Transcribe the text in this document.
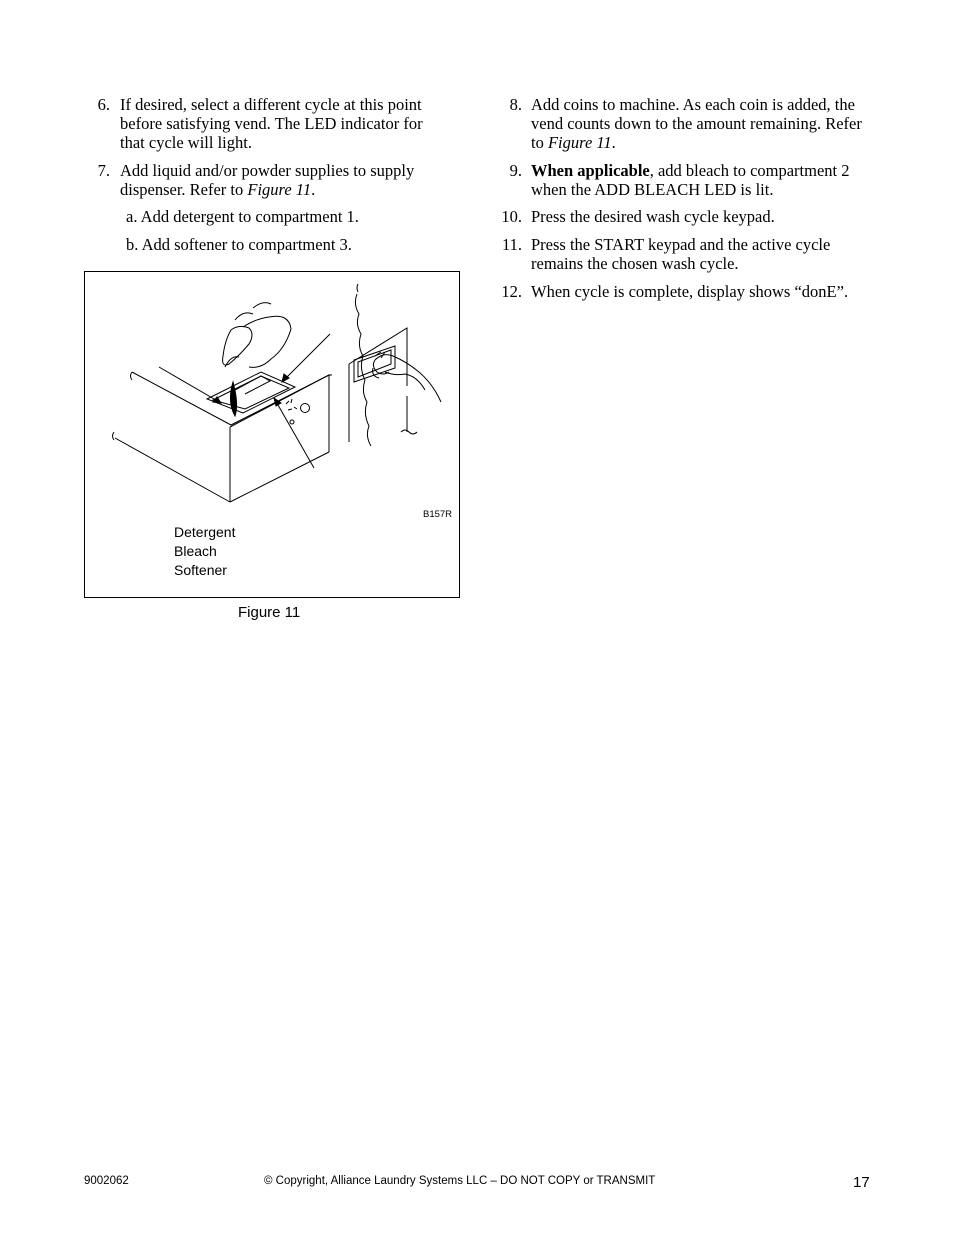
6. If desired, select a different cycle at this point before satisfying vend. The LED indicator for that cycle will light.
7. Add liquid and/or powder supplies to supply dispenser. Refer to Figure 11.
a. Add detergent to compartment 1.
b. Add softener to compartment 3.
B157R
Detergent
Bleach
Softener
Figure 11
8. Add coins to machine. As each coin is added, the vend counts down to the amount remaining. Refer to Figure 11.
9. When applicable, add bleach to compartment 2 when the ADD BLEACH LED is lit.
10. Press the desired wash cycle keypad.
11. Press the START keypad and the active cycle remains the chosen wash cycle.
12. When cycle is complete, display shows “donE”.
9002062	© Copyright, Alliance Laundry Systems LLC – DO NOT COPY or TRANSMIT	17
